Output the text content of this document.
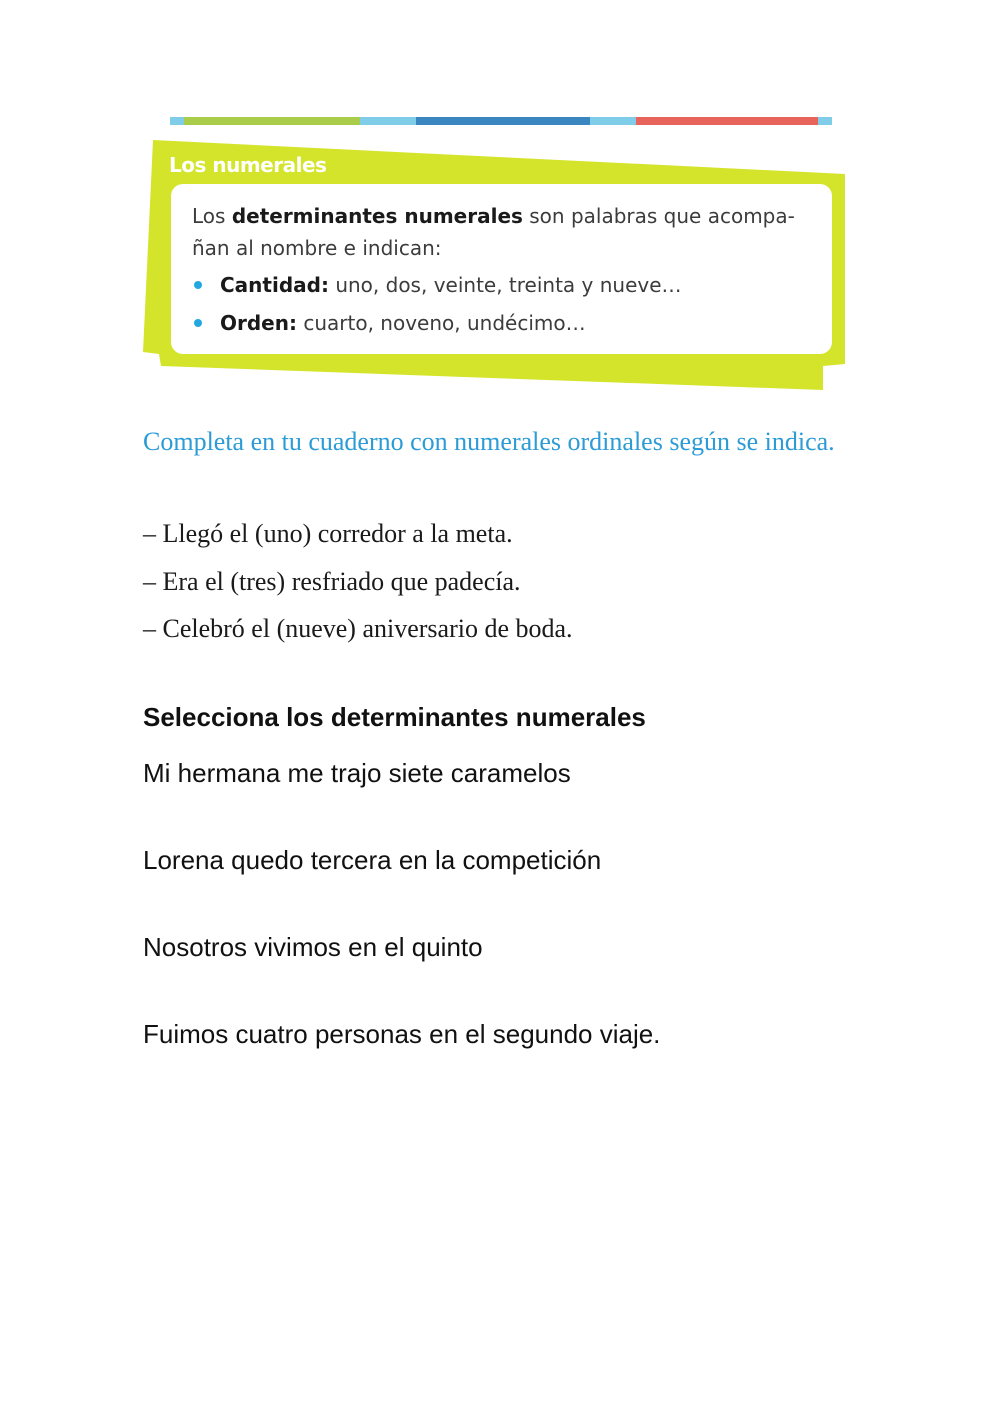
Los numerales
Los determinantes numerales son palabras que acompa-ñan al nombre e indican:
Cantidad: uno, dos, veinte, treinta y nueve…
Orden: cuarto, noveno, undécimo…
Completa en tu cuaderno con numerales ordinales según se indica.
– Llegó el (uno) corredor a la meta.
– Era el (tres) resfriado que padecía.
– Celebró el (nueve) aniversario de boda.
Selecciona los determinantes numerales
Mi hermana me trajo siete caramelos
Lorena quedo tercera en la competición
Nosotros vivimos en el quinto
Fuimos cuatro personas en el segundo viaje.
